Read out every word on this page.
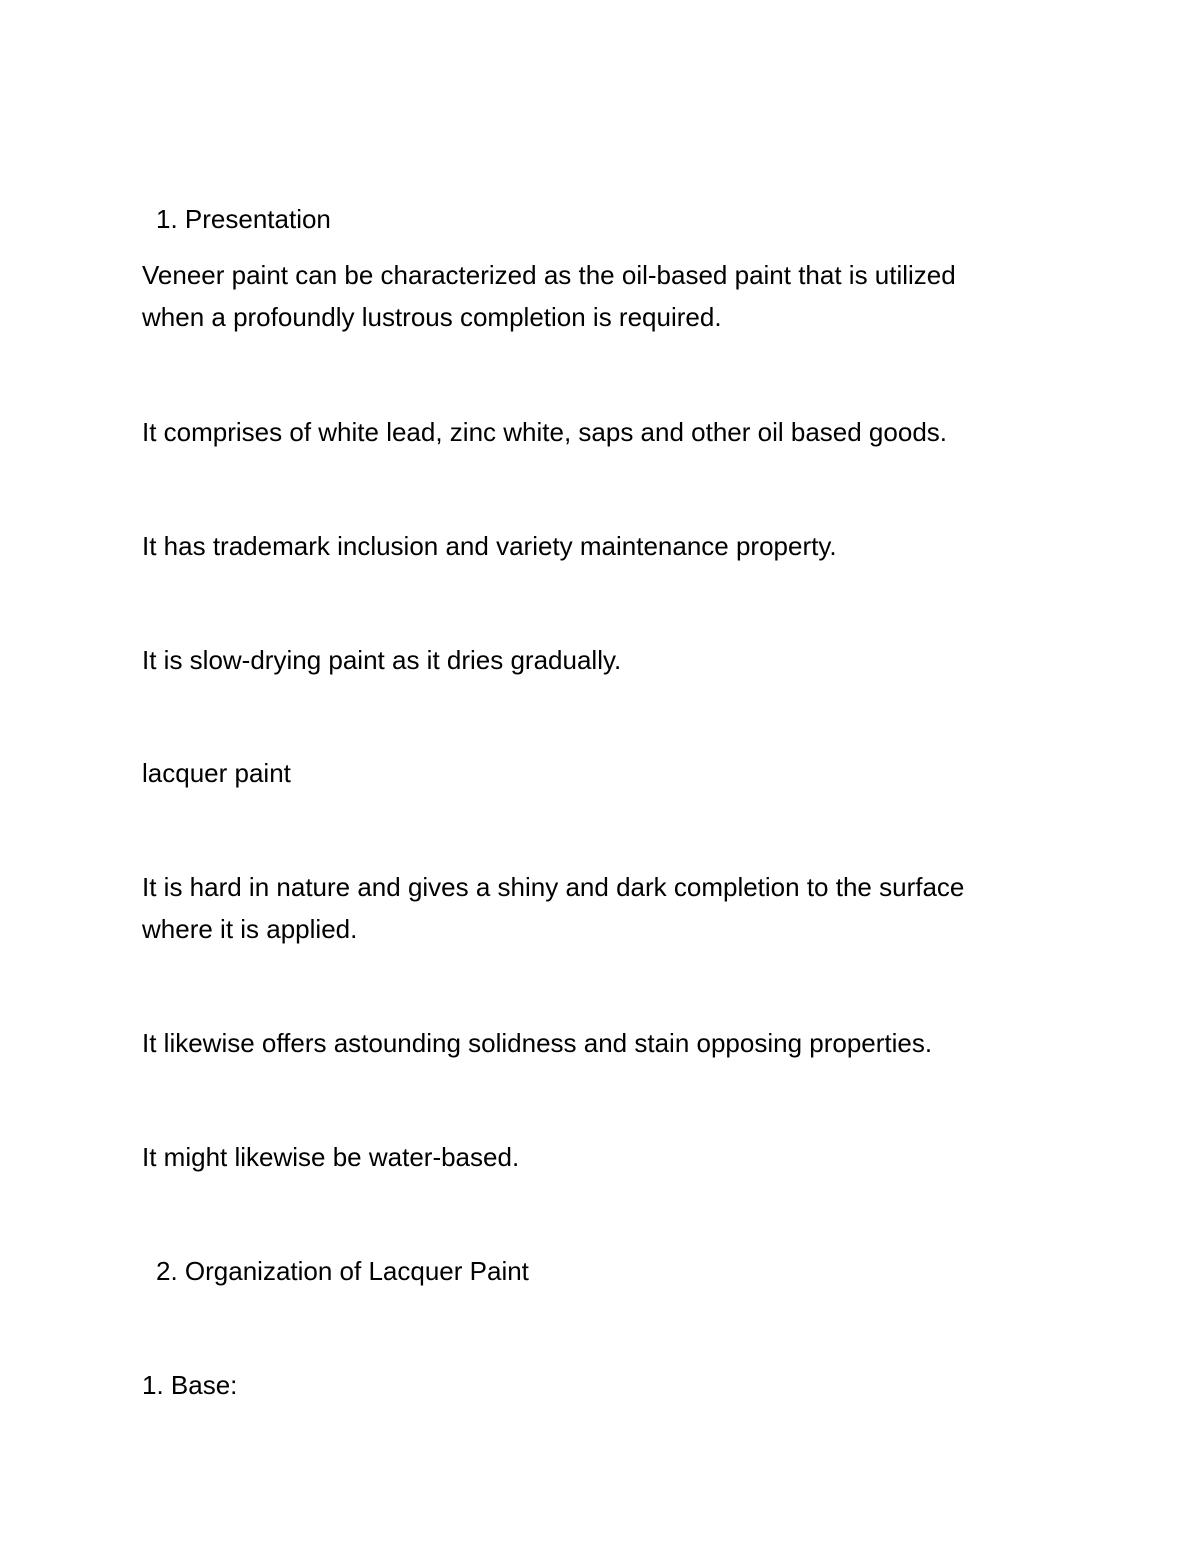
1. Presentation

Veneer paint can be characterized as the oil-based paint that is utilized

when a profoundly lustrous completion is required.

It comprises of white lead, zinc white, saps and other oil based goods.

It has trademark inclusion and variety maintenance property.

It is slow-drying paint as it dries gradually.

lacquer paint

It is hard in nature and gives a shiny and dark completion to the surface

where it is applied.

It likewise offers astounding solidness and stain opposing properties.

It might likewise be water-based.

2. Organization of Lacquer Paint

1. Base:
